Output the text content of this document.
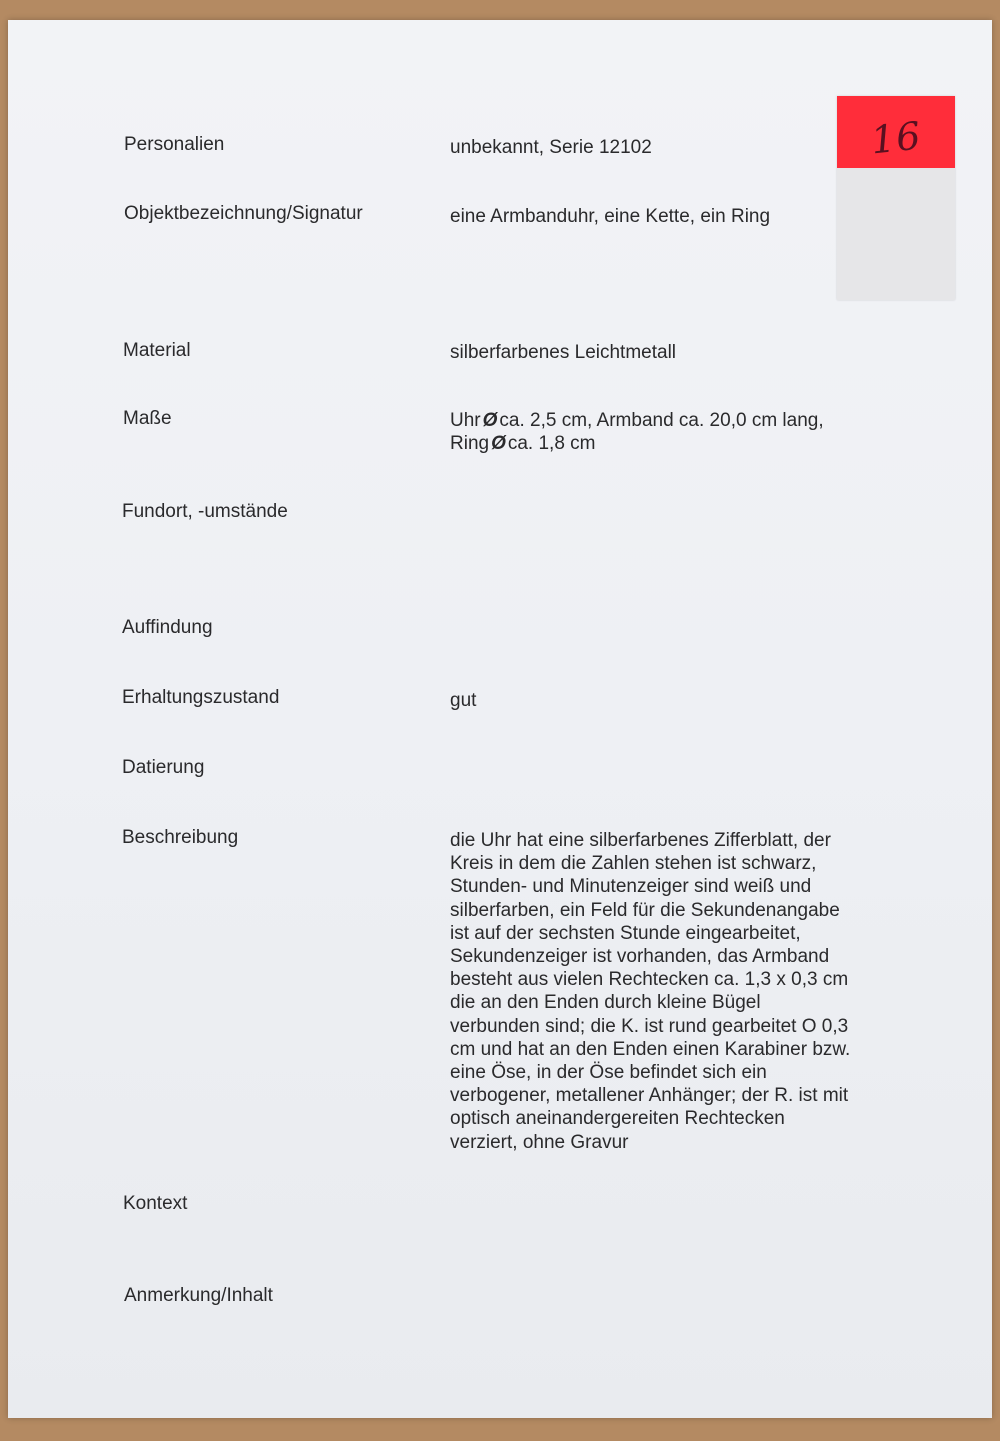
16
Personalien	unbekannt, Serie 12102
Objektbezeichnung/Signatur	eine Armbanduhr, eine Kette, ein Ring
Material	silberfarbenes Leichtmetall
Maße	Uhr Ø ca. 2,5 cm, Armband ca. 20,0 cm lang,
Ring Ø ca. 1,8 cm
Fundort, -umstände
Auffindung
Erhaltungszustand	gut
Datierung
Beschreibung	die Uhr hat eine silberfarbenes Zifferblatt, der
Kreis in dem die Zahlen stehen ist schwarz,
Stunden- und Minutenzeiger sind weiß und
silberfarben, ein Feld für die Sekundenangabe
ist auf der sechsten Stunde eingearbeitet,
Sekundenzeiger ist vorhanden, das Armband
besteht aus vielen Rechtecken ca. 1,3 x 0,3 cm
die an den Enden durch kleine Bügel
verbunden sind; die K. ist rund gearbeitet O 0,3
cm und hat an den Enden einen Karabiner bzw.
eine Öse, in der Öse befindet sich ein
verbogener, metallener Anhänger; der R. ist mit
optisch aneinandergereiten Rechtecken
verziert, ohne Gravur
Kontext
Anmerkung/Inhalt
